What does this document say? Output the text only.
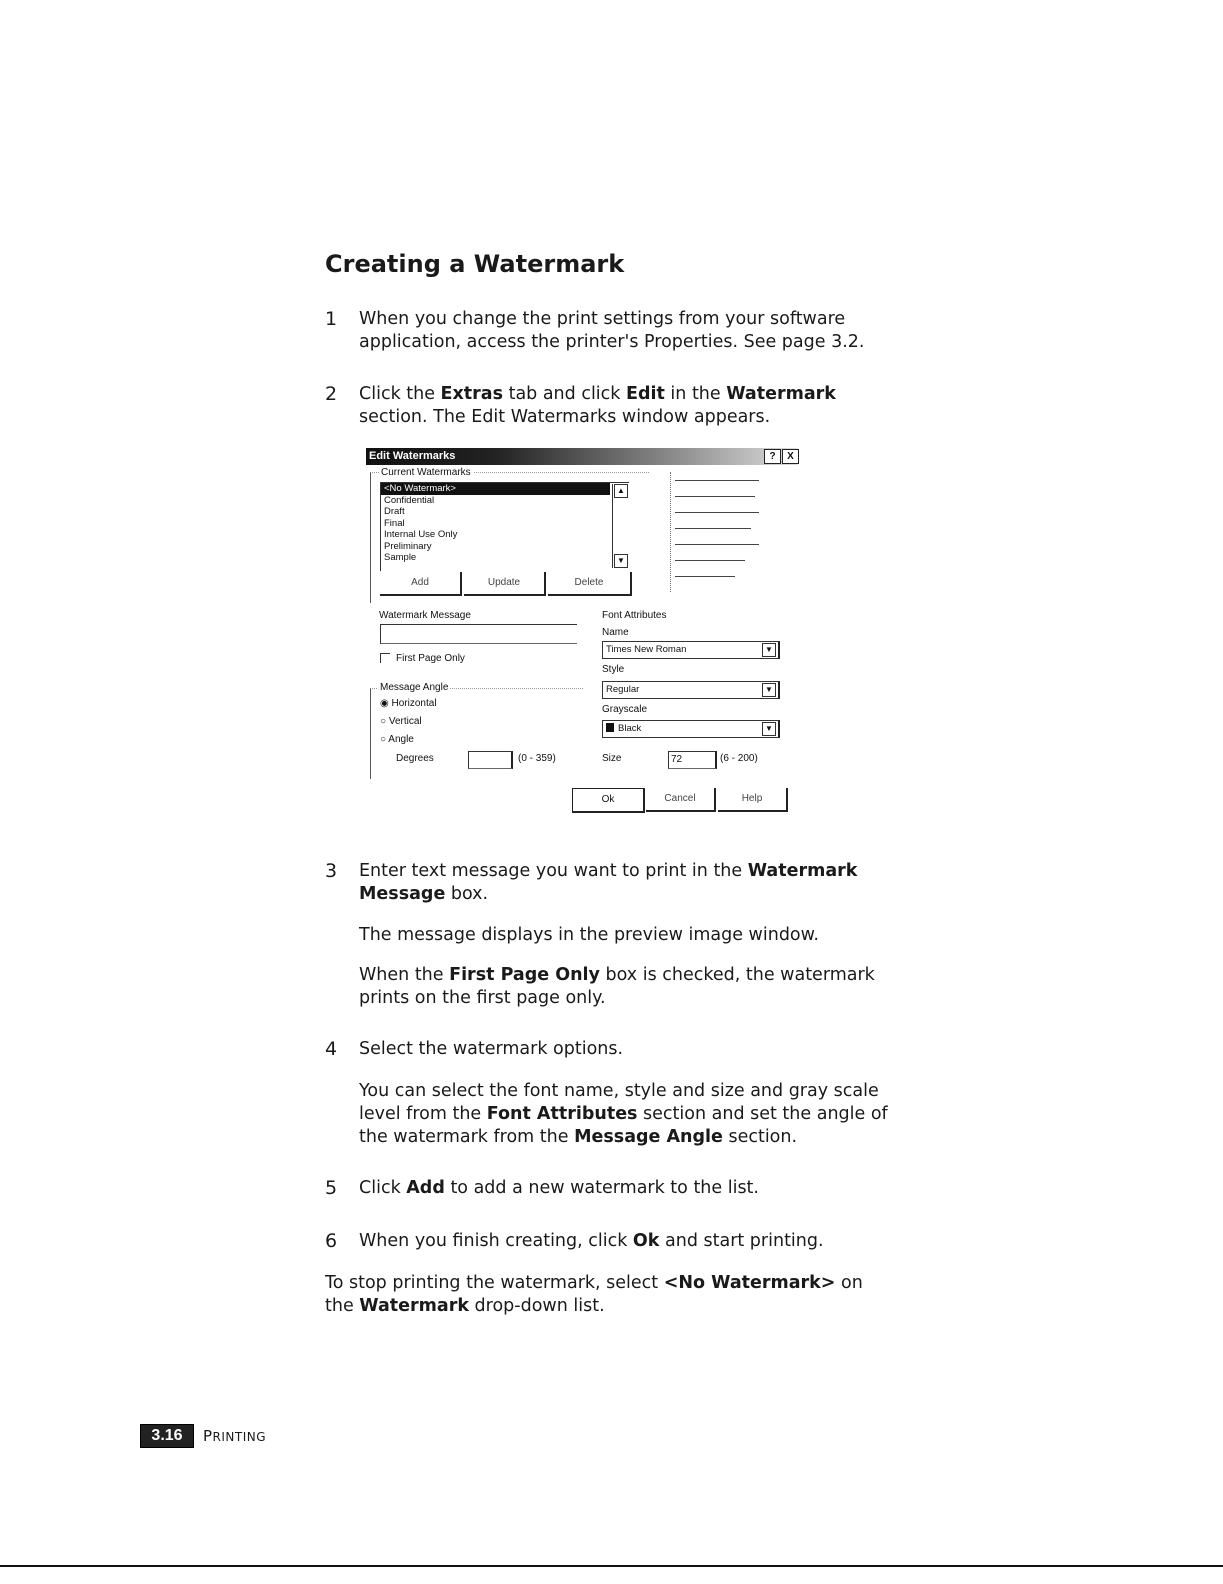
Creating a Watermark
1	When you change the print settings from your software application, access the printer's Properties. See page 3.2.
2	Click the Extras tab and click Edit in the Watermark section. The Edit Watermarks window appears.
Edit Watermarks	?	X
Current Watermarks
<No Watermark>
Confidential
Draft
Final
Internal Use Only
Preliminary
Sample
▲
▼
Add	Update	Delete
Watermark Message
First Page Only
Message Angle
◉ Horizontal
○ Vertical
○ Angle
Degrees	(0 - 359)
Font Attributes
Name
Times New Roman	▼
Style
Regular	▼
Grayscale
Black	▼
Size	72	(6 - 200)
Ok	Cancel	Help
3	Enter text message you want to print in the Watermark Message box.
The message displays in the preview image window.
When the First Page Only box is checked, the watermark prints on the first page only.
4	Select the watermark options.
You can select the font name, style and size and gray scale level from the Font Attributes section and set the angle of the watermark from the Message Angle section.
5	Click Add to add a new watermark to the list.
6	When you finish creating, click Ok and start printing.
To stop printing the watermark, select <No Watermark> on the Watermark drop-down list.
3.16	PRINTING
